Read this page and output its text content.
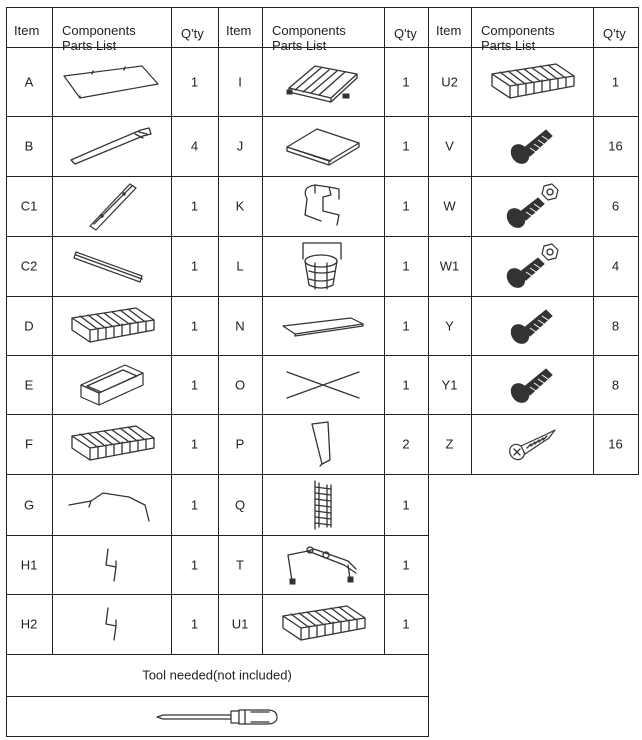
Item Components
Parts List
Q'ty
A	1
B	4
C1	1
C2	1
D	1
E	1
F	1
G	1
H1	1
H2	1
Item Components
Parts List
Q'ty
I	1
J	1
K	1
L	1
N	1
O	1
P	2
Q	1
T	1
U1	1
Item Components
Parts List
Q'ty
U2	1
V	16
W	6
W1	4
Y	8
Y1	8
Z	16
Tool needed(not included)
